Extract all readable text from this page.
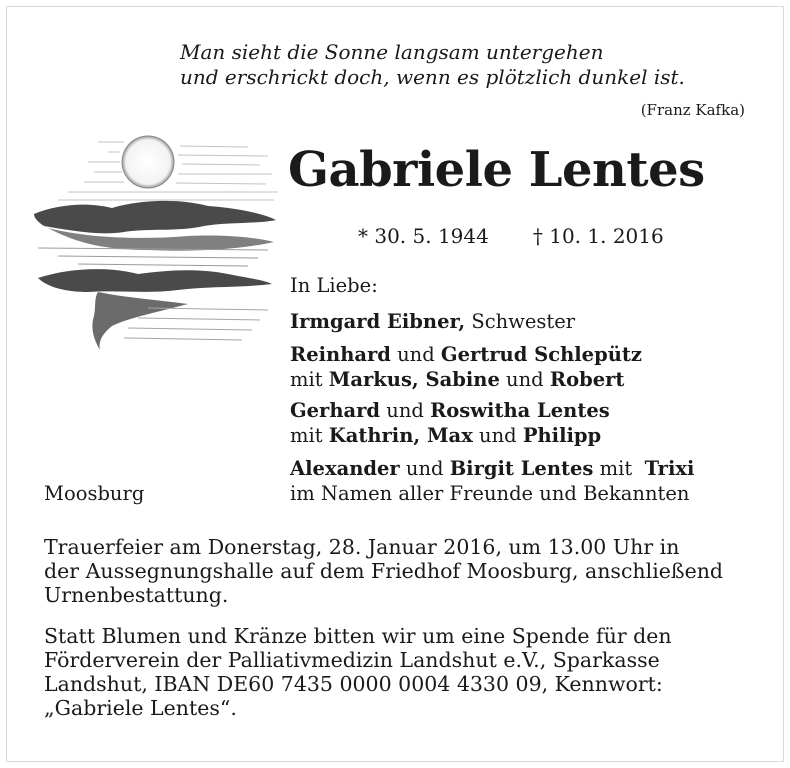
Man sieht die Sonne langsam untergehen
und erschrickt doch, wenn es plötzlich dunkel ist.
(Franz Kafka)
Gabriele Lentes
* 30. 5. 1944 † 10. 1. 2016
In Liebe:
Irmgard Eibner, Schwester
Reinhard und Gertrud Schlepütz
mit Markus, Sabine und Robert
Gerhard und Roswitha Lentes
mit Kathrin, Max und Philipp
Alexander und Birgit Lentes mit  Trixi
im Namen aller Freunde und Bekannten
Moosburg
Trauerfeier am Donerstag, 28. Januar 2016, um 13.00 Uhr in
der Aussegnungshalle auf dem Friedhof Moosburg, anschließend
Urnenbestattung.
Statt Blumen und Kränze bitten wir um eine Spende für den
Förderverein der Palliativmedizin Landshut e.V., Sparkasse
Landshut, IBAN DE60 7435 0000 0004 4330 09, Kennwort:
„Gabriele Lentes“.
